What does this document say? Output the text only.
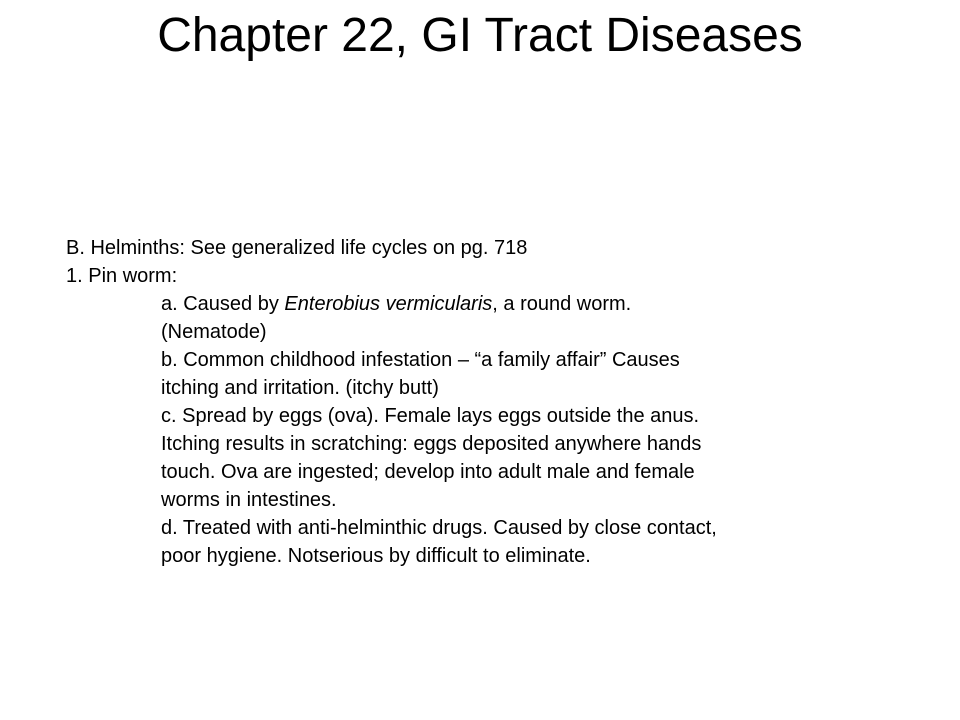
Chapter 22, GI Tract Diseases
B. Helminths: See generalized life cycles on pg. 718
1. Pin worm:
a. Caused by Enterobius vermicularis, a round worm.
(Nematode)
b. Common childhood infestation – “a family affair” Causes
itching and irritation. (itchy butt)
c. Spread by eggs (ova). Female lays eggs outside the anus.
Itching results in scratching: eggs deposited anywhere hands
touch. Ova are ingested; develop into adult male and female
worms in intestines.
d. Treated with anti-helminthic drugs. Caused by close contact,
poor hygiene. Notserious by difficult to eliminate.
